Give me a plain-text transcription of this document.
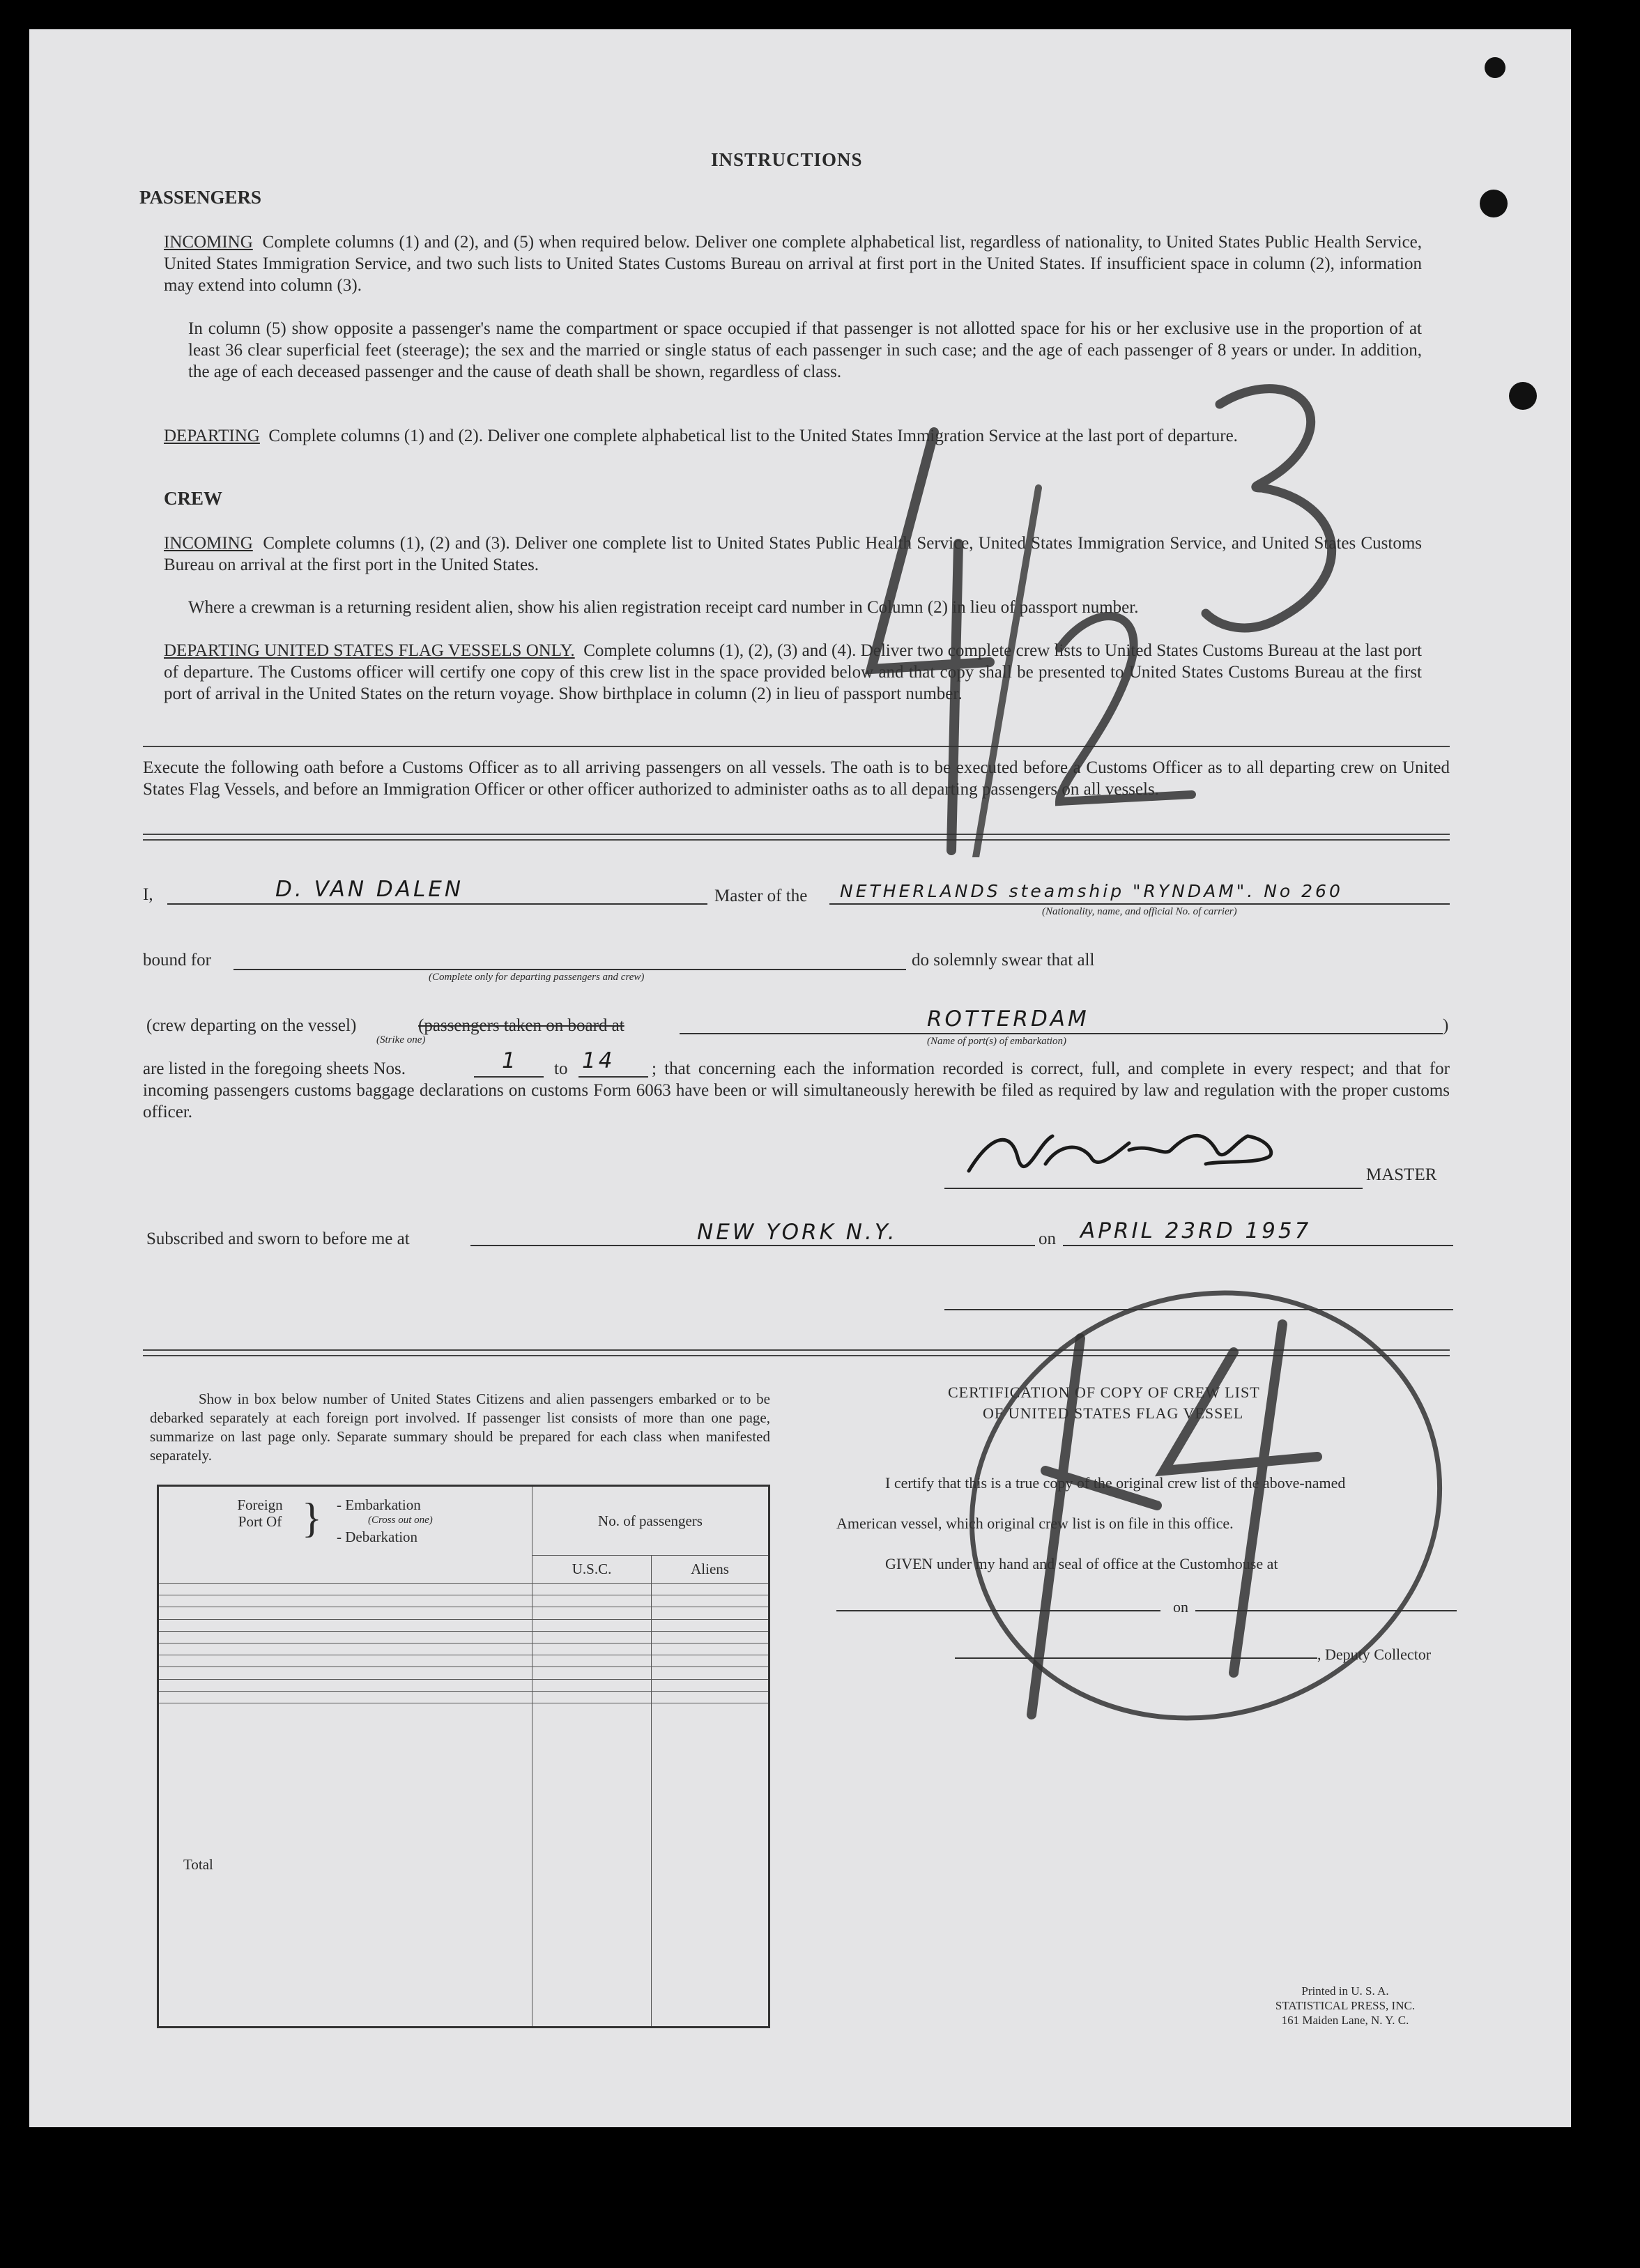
INSTRUCTIONS
PASSENGERS
INCOMING Complete columns (1) and (2), and (5) when required below. Deliver one complete alphabetical list, regardless of nationality, to United States Public Health Service, United States Immigration Service, and two such lists to United States Customs Bureau on arrival at first port in the United States. If insufficient space in column (2), information may extend into column (3).
In column (5) show opposite a passenger's name the compartment or space occupied if that passenger is not allotted space for his or her exclusive use in the proportion of at least 36 clear superficial feet (steerage); the sex and the married or single status of each passenger in such case; and the age of each passenger of 8 years or under. In addition, the age of each deceased passenger and the cause of death shall be shown, regardless of class.
DEPARTING Complete columns (1) and (2). Deliver one complete alphabetical list to the United States Immigration Service at the last port of departure.
CREW
INCOMING Complete columns (1), (2) and (3). Deliver one complete list to United States Public Health Service, United States Immigration Service, and United States Customs Bureau on arrival at the first port in the United States.
Where a crewman is a returning resident alien, show his alien registration receipt card number in Column (2) in lieu of passport number.
DEPARTING UNITED STATES FLAG VESSELS ONLY. Complete columns (1), (2), (3) and (4). Deliver two complete crew lists to United States Customs Bureau at the last port of departure. The Customs officer will certify one copy of this crew list in the space provided below and that copy shall be presented to United States Customs Bureau at the first port of arrival in the United States on the return voyage. Show birthplace in column (2) in lieu of passport number.
Execute the following oath before a Customs Officer as to all arriving passengers on all vessels. The oath is to be executed before a Customs Officer as to all departing crew on United States Flag Vessels, and before an Immigration Officer or other officer authorized to administer oaths as to all departing passengers on all vessels.
I,	D. VAN DALEN	Master of the NETHERLANDS steamship "RYNDAM". No 260
(Nationality, name, and official No. of carrier)
bound for
(Complete only for departing passengers and crew)
do solemnly swear that all
(crew departing on the vessel)
(Strike one)
(passengers taken on board at	ROTTERDAM
(Name of port(s) of embarkation)
)
are listed in the foregoing sheets Nos.	1 to 14	; that concerning each the information recorded is correct, full, and complete in every respect; and that for incoming passengers customs baggage declarations on customs Form 6063 have been or will simultaneously herewith be filed as required by law and regulation with the proper customs officer.
MASTER
Subscribed and sworn to before me at	NEW YORK N.Y.	on APRIL 23RD 1957
Show in box below number of United States Citizens and alien passengers embarked or to be debarked separately at each foreign port involved. If passenger list consists of more than one page, summarize on last page only. Separate summary should be prepared for each class when manifested separately.
Foreign Port Of } - Embarkation
(Cross out one)
- Debarkation	No. of passengers	
	U.S.C.	Aliens

Total		
CERTIFICATION OF COPY OF CREW LIST
OF UNITED STATES FLAG VESSEL
I certify that this is a true copy of the original crew list of the above-named
American vessel, which original crew list is on file in this office.
GIVEN under my hand and seal of office at the Customhouse at
on
, Deputy Collector
Printed in U. S. A.
STATISTICAL PRESS, INC.
161 Maiden Lane, N. Y. C.
